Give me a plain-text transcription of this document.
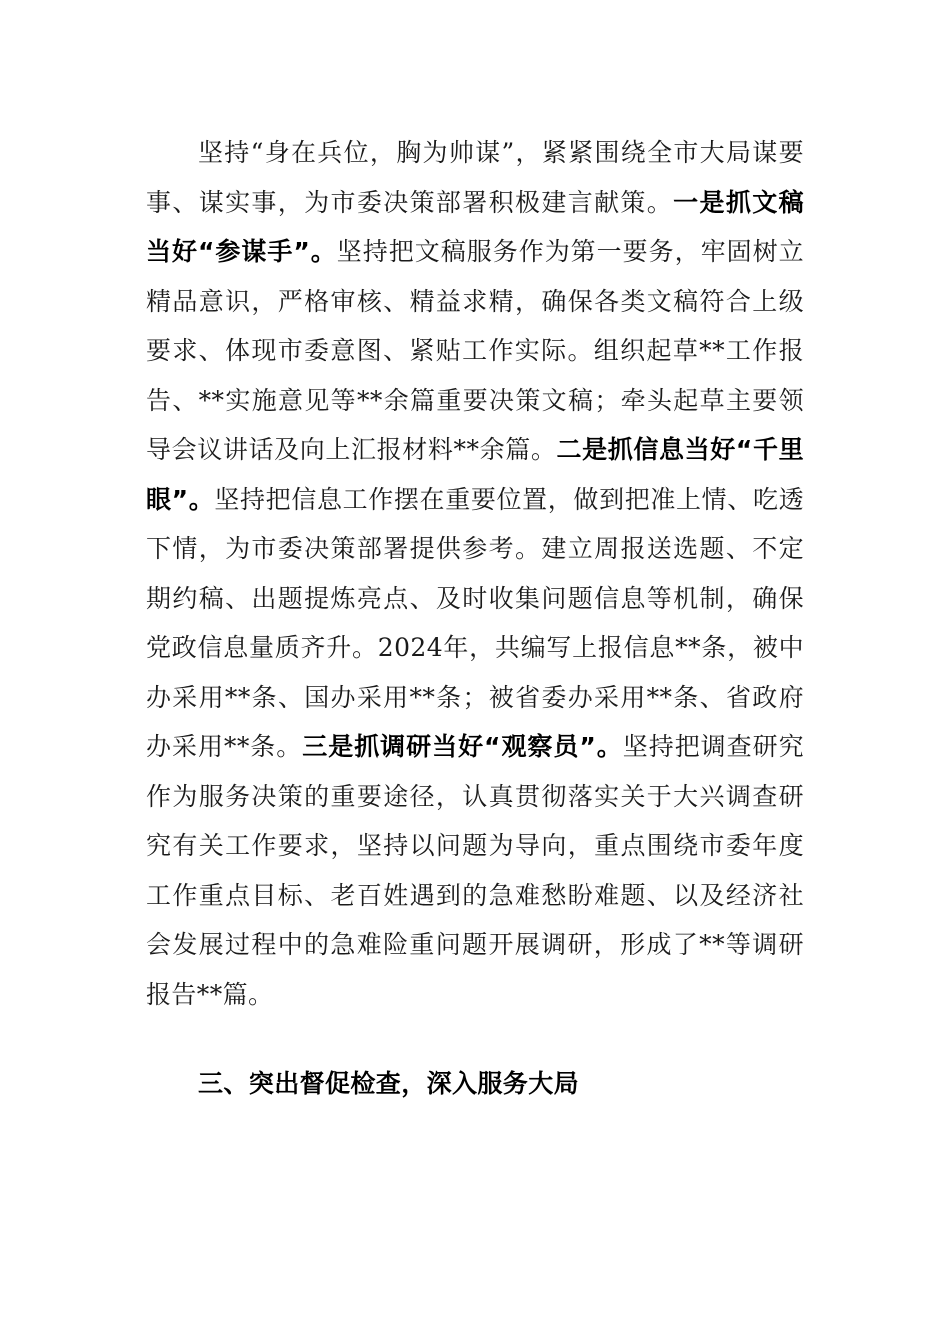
坚持“身在兵位，胸为帅谋”，紧紧围绕全市大局谋要事、谋实事，为市委决策部署积极建言献策。一是抓文稿当好“参谋手”。坚持把文稿服务作为第一要务，牢固树立精品意识，严格审核、精益求精，确保各类文稿符合上级要求、体现市委意图、紧贴工作实际。组织起草**工作报告、**实施意见等**余篇重要决策文稿；牵头起草主要领导会议讲话及向上汇报材料**余篇。二是抓信息当好“千里眼”。坚持把信息工作摆在重要位置，做到把准上情、吃透下情，为市委决策部署提供参考。建立周报送选题、不定期约稿、出题提炼亮点、及时收集问题信息等机制，确保党政信息量质齐升。2024年，共编写上报信息**条，被中办采用**条、国办采用**条；被省委办采用**条、省政府办采用**条。三是抓调研当好“观察员”。坚持把调查研究作为服务决策的重要途径，认真贯彻落实关于大兴调查研究有关工作要求，坚持以问题为导向，重点围绕市委年度工作重点目标、老百姓遇到的急难愁盼难题、以及经济社会发展过程中的急难险重问题开展调研，形成了**等调研报告**篇。

三、突出督促检查，深入服务大局
